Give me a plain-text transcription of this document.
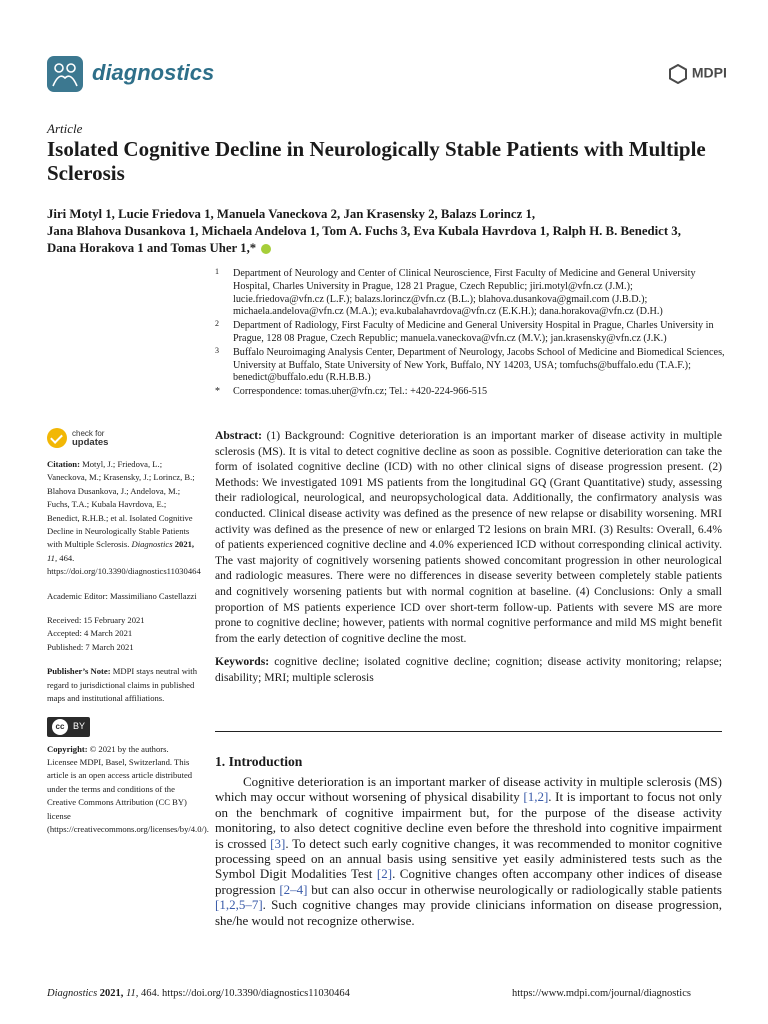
diagnostics	MDPI
Article
Isolated Cognitive Decline in Neurologically Stable Patients with Multiple Sclerosis
Jiri Motyl 1, Lucie Friedova 1, Manuela Vaneckova 2, Jan Krasensky 2, Balazs Lorincz 1,
Jana Blahova Dusankova 1, Michaela Andelova 1, Tom A. Fuchs 3, Eva Kubala Havrdova 1, Ralph H. B. Benedict 3,
Dana Horakova 1 and Tomas Uher 1,*
1 Department of Neurology and Center of Clinical Neuroscience, First Faculty of Medicine and General University Hospital, Charles University in Prague, 128 21 Prague, Czech Republic; jiri.motyl@vfn.cz (J.M.); lucie.friedova@vfn.cz (L.F.); balazs.lorincz@vfn.cz (B.L.); blahova.dusankova@gmail.com (J.B.D.); michaela.andelova@vfn.cz (M.A.); eva.kubalahavrdova@vfn.cz (E.K.H.); dana.horakova@vfn.cz (D.H.)
2 Department of Radiology, First Faculty of Medicine and General University Hospital in Prague, Charles University in Prague, 128 08 Prague, Czech Republic; manuela.vaneckova@vfn.cz (M.V.); jan.krasensky@vfn.cz (J.K.)
3 Buffalo Neuroimaging Analysis Center, Department of Neurology, Jacobs School of Medicine and Biomedical Sciences, University at Buffalo, State University of New York, Buffalo, NY 14203, USA; tomfuchs@buffalo.edu (T.A.F.); benedict@buffalo.edu (R.H.B.B.)
* Correspondence: tomas.uher@vfn.cz; Tel.: +420-224-966-515
check for
updates
Citation: Motyl, J.; Friedova, L.; Vaneckova, M.; Krasensky, J.; Lorincz, B.; Blahova Dusankova, J.; Andelova, M.; Fuchs, T.A.; Kubala Havrdova, E.; Benedict, R.H.B.; et al. Isolated Cognitive Decline in Neurologically Stable Patients with Multiple Sclerosis. Diagnostics 2021, 11, 464. https://doi.org/10.3390/diagnostics11030464
Academic Editor: Massimiliano Castellazzi
Received: 15 February 2021
Accepted: 4 March 2021
Published: 7 March 2021
Publisher’s Note: MDPI stays neutral with regard to jurisdictional claims in published maps and institutional affiliations.
cc BY
Copyright: © 2021 by the authors. Licensee MDPI, Basel, Switzerland. This article is an open access article distributed under the terms and conditions of the Creative Commons Attribution (CC BY) license (https://creativecommons.org/licenses/by/4.0/).
Abstract: (1) Background: Cognitive deterioration is an important marker of disease activity in multiple sclerosis (MS). It is vital to detect cognitive decline as soon as possible. Cognitive deterioration can take the form of isolated cognitive decline (ICD) with no other clinical signs of disease progression present. (2) Methods: We investigated 1091 MS patients from the longitudinal GQ (Grant Quantitative) study, assessing their radiological, neurological, and neuropsychological data. Additionally, the confirmatory analysis was conducted. Clinical disease activity was defined as the presence of new relapse or disability worsening. MRI activity was defined as the presence of new or enlarged T2 lesions on brain MRI. (3) Results: Overall, 6.4% of patients experienced cognitive decline and 4.0% experienced ICD without corresponding clinical activity. The vast majority of cognitively worsening patients showed concomitant progression in other neurological and radiologic measures. There were no differences in disease severity between completely stable patients and cognitively worsening patients but with normal cognition at baseline. (4) Conclusions: Only a small proportion of MS patients experience ICD over short-term follow-up. Patients with severe MS are more prone to cognitive decline; however, patients with normal cognitive performance and mild MS might benefit from the early detection of cognitive decline the most.
Keywords: cognitive decline; isolated cognitive decline; cognition; disease activity monitoring; relapse; disability; MRI; multiple sclerosis
1. Introduction
Cognitive deterioration is an important marker of disease activity in multiple sclerosis (MS) which may occur without worsening of physical disability [1,2]. It is important to focus not only on the benchmark of cognitive impairment but, for the purpose of the disease activity monitoring, to also detect cognitive decline even before the threshold into cognitive impairment is crossed [3]. To detect such early cognitive changes, it was recommended to monitor cognitive processing speed on an annual basis using sensitive yet easily administered tests such as the Symbol Digit Modalities Test [2]. Cognitive changes often accompany other indices of disease progression [2–4] but can also occur in otherwise neurologically or radiologically stable patients [1,2,5–7]. Such cognitive changes may provide clinicians information on disease progression, she/he would not recognize otherwise.
Diagnostics 2021, 11, 464. https://doi.org/10.3390/diagnostics11030464	https://www.mdpi.com/journal/diagnostics
